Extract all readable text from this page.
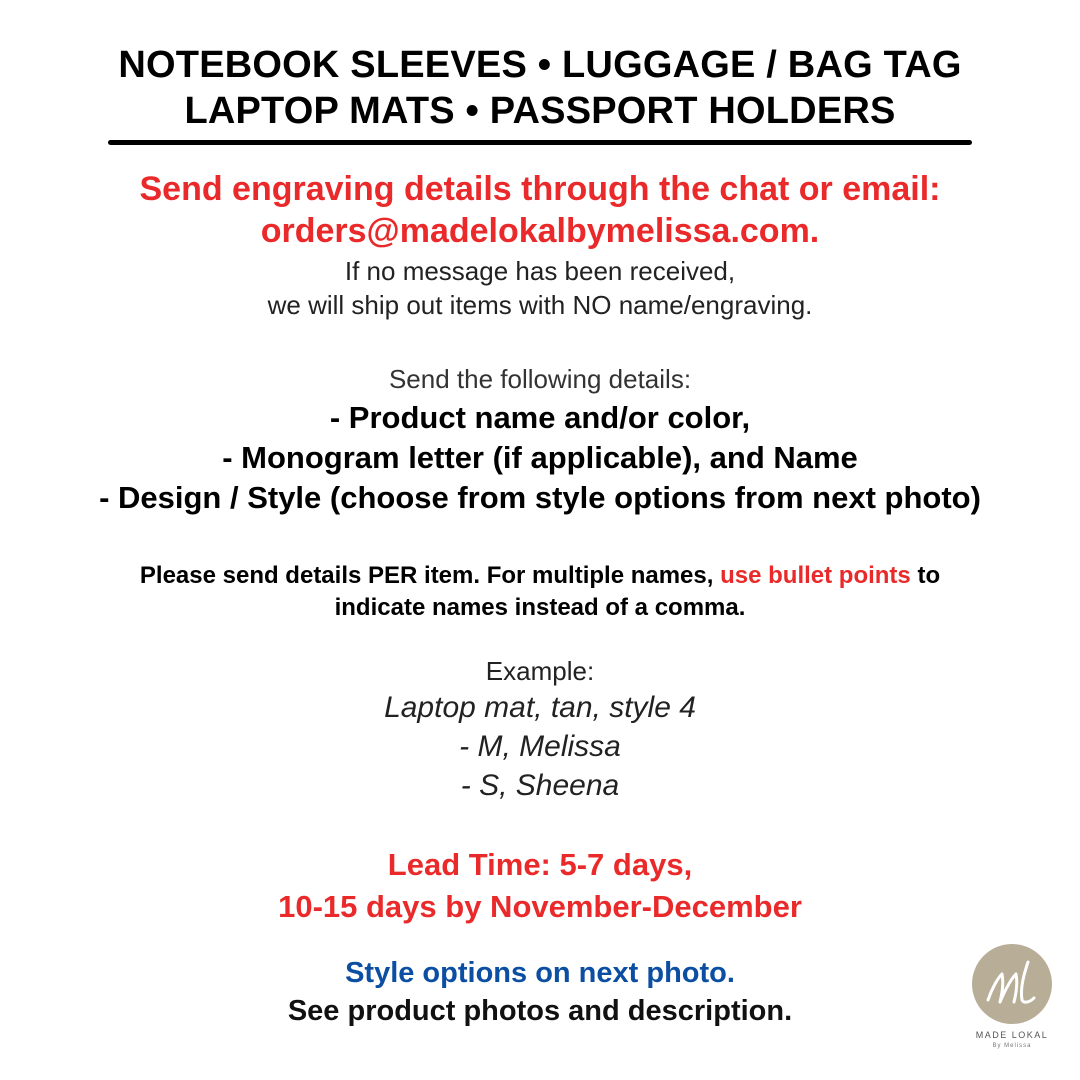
NOTEBOOK SLEEVES • LUGGAGE / BAG TAG
LAPTOP MATS • PASSPORT HOLDERS
Send engraving details through the chat or email:
orders@madelokalbymelissa.com.
If no message has been received,
we will ship out items with NO name/engraving.
Send the following details:
- Product name and/or color,
- Monogram letter (if applicable), and Name
- Design / Style (choose from style options from next photo)
Please send details PER item. For multiple names, use bullet points to
indicate names instead of a comma.
Example:
Laptop mat, tan, style 4
- M, Melissa
- S, Sheena
Lead Time: 5-7 days,
10-15 days by November-December
Style options on next photo.
See product photos and description.
MADE LOKAL
By Melissa
